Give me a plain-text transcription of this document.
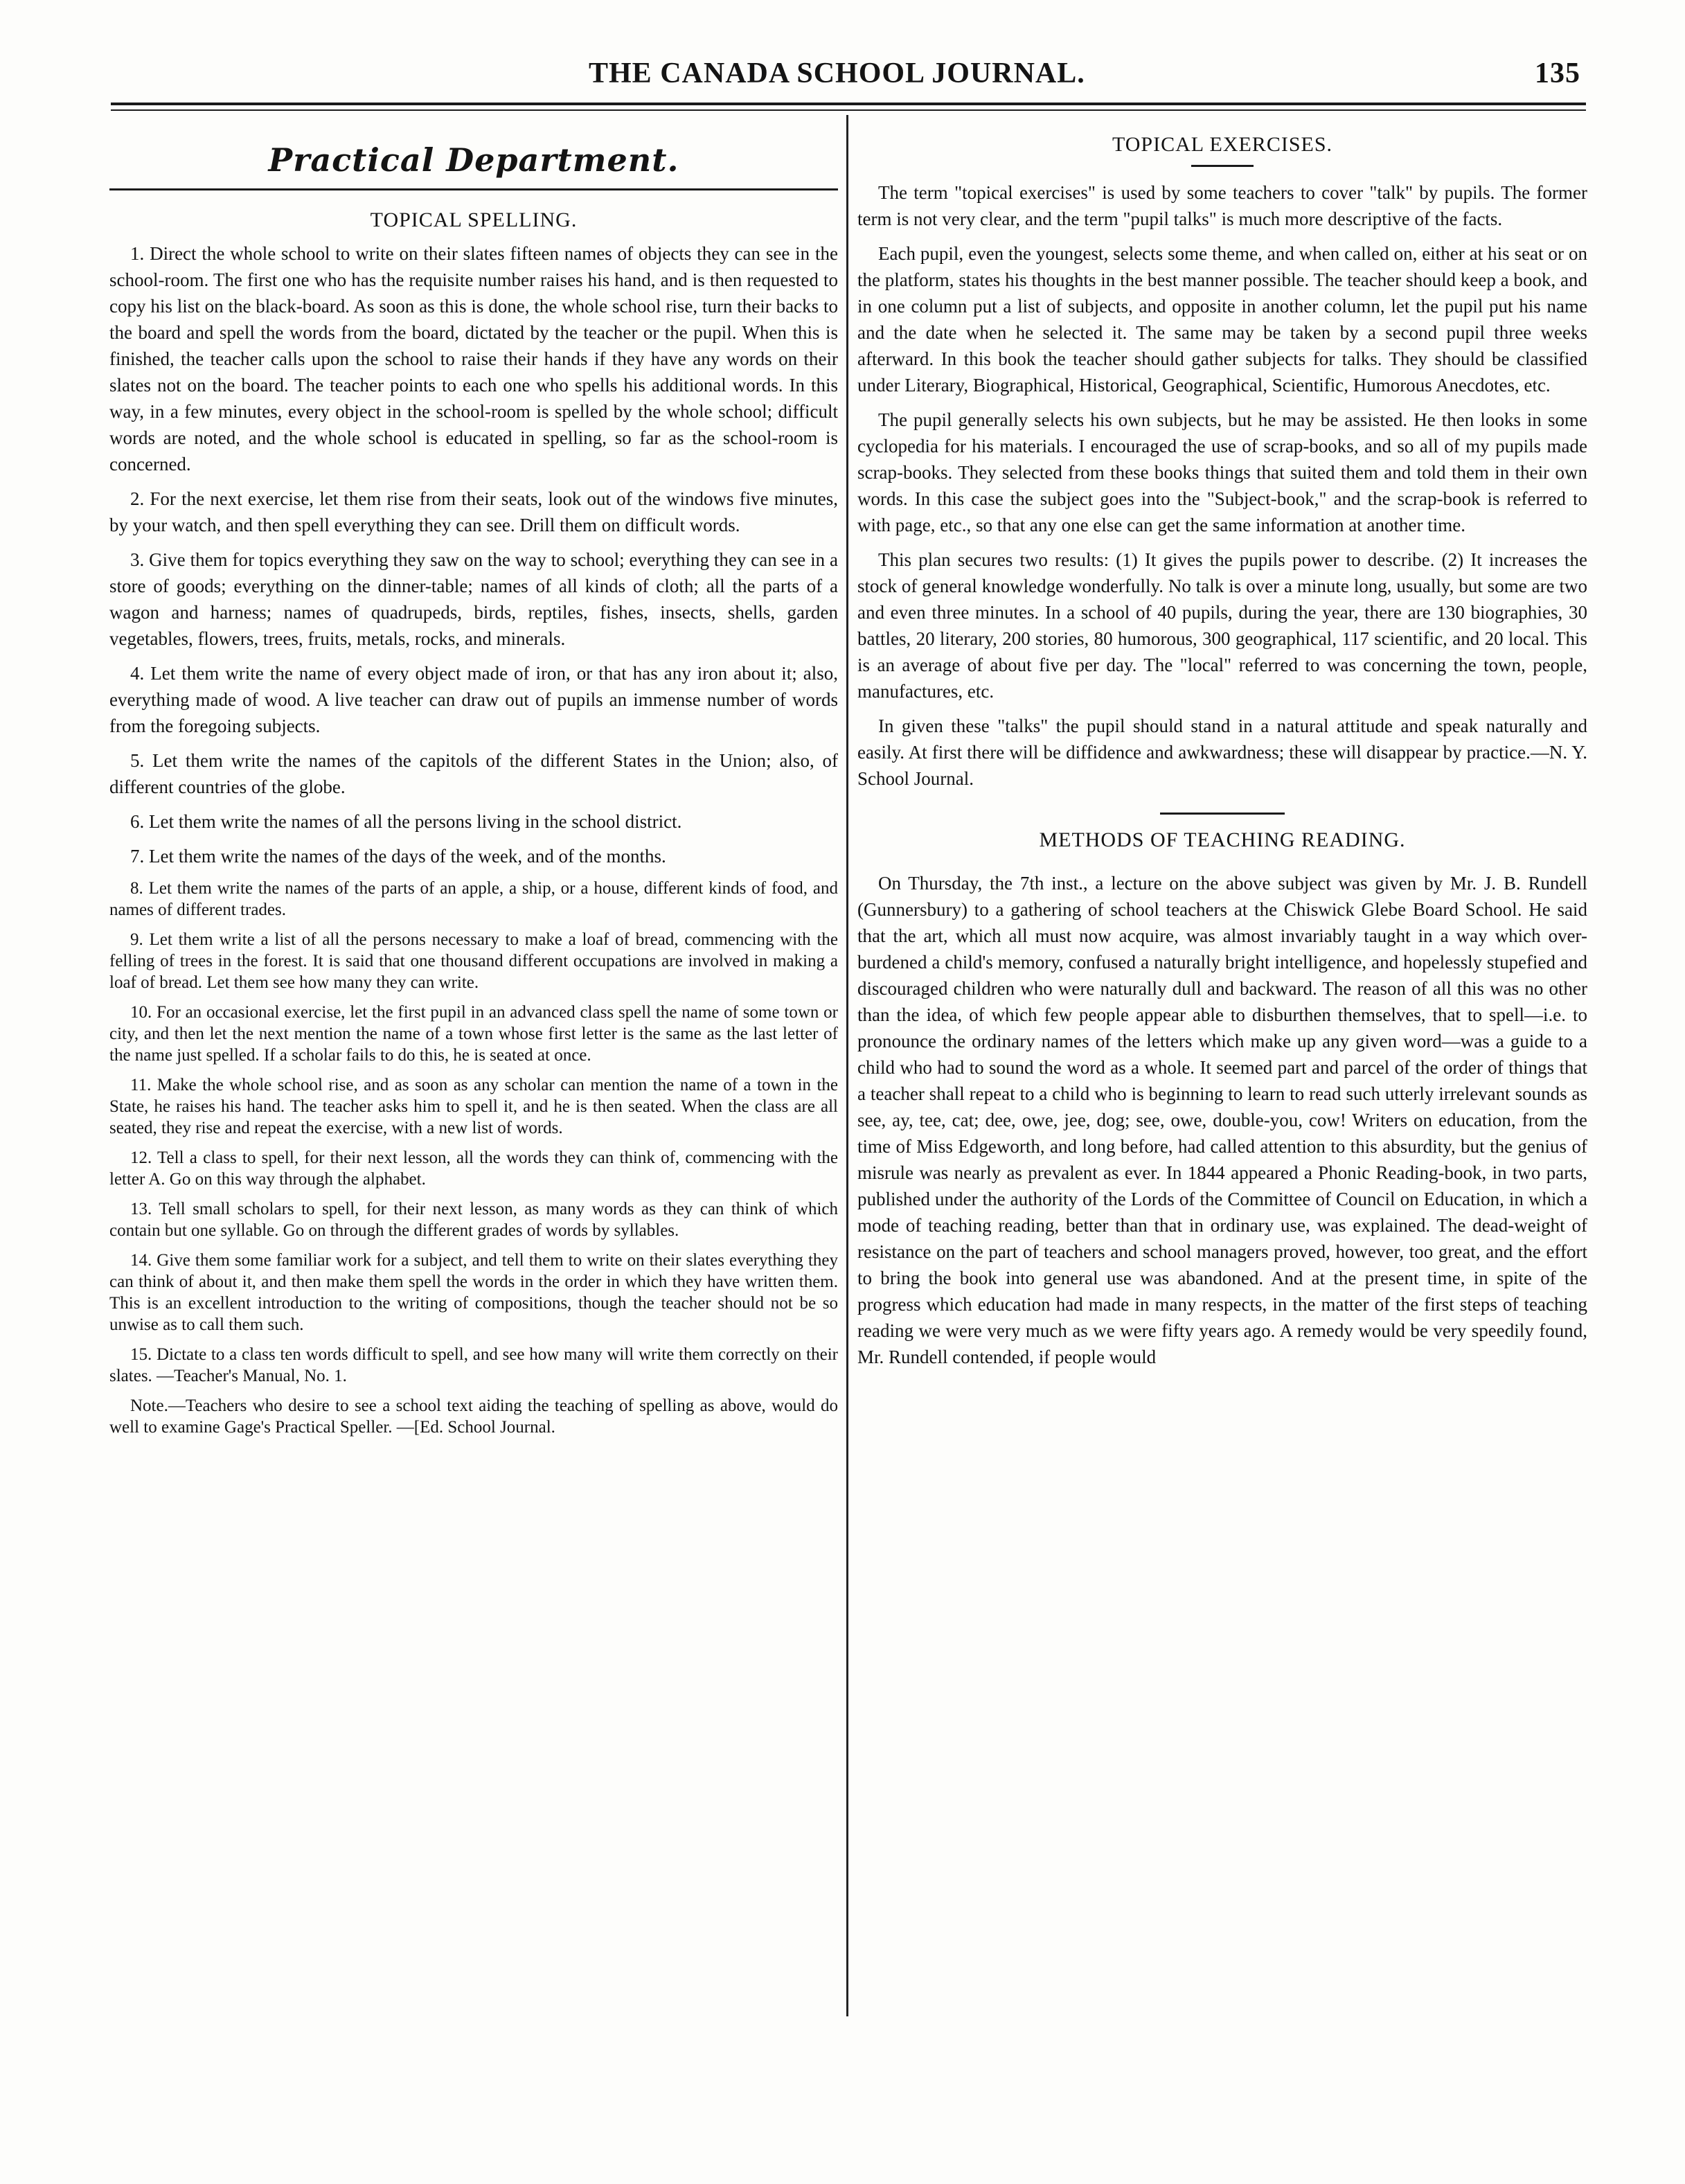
THE CANADA SCHOOL JOURNAL.	135
Practical Department.
TOPICAL SPELLING.

1. Direct the whole school to write on their slates fifteen names of objects they can see in the school-room. The first one who has the requisite number raises his hand, and is then requested to copy his list on the black-board. As soon as this is done, the whole school rise, turn their backs to the board and spell the words from the board, dictated by the teacher or the pupil. When this is finished, the teacher calls upon the school to raise their hands if they have any words on their slates not on the board. The teacher points to each one who spells his additional words. In this way, in a few minutes, every object in the school-room is spelled by the whole school; difficult words are noted, and the whole school is educated in spelling, so far as the school-room is concerned.

2. For the next exercise, let them rise from their seats, look out of the windows five minutes, by your watch, and then spell everything they can see. Drill them on difficult words.

3. Give them for topics everything they saw on the way to school; everything they can see in a store of goods; everything on the dinner-table; names of all kinds of cloth; all the parts of a wagon and harness; names of quadrupeds, birds, reptiles, fishes, insects, shells, garden vegetables, flowers, trees, fruits, metals, rocks, and minerals.

4. Let them write the name of every object made of iron, or that has any iron about it; also, everything made of wood. A live teacher can draw out of pupils an immense number of words from the foregoing subjects.

5. Let them write the names of the capitols of the different States in the Union; also, of different countries of the globe.

6. Let them write the names of all the persons living in the school district.

7. Let them write the names of the days of the week, and of the months.

8. Let them write the names of the parts of an apple, a ship, or a house, different kinds of food, and names of different trades.

9. Let them write a list of all the persons necessary to make a loaf of bread, commencing with the felling of trees in the forest. It is said that one thousand different occupations are involved in making a loaf of bread. Let them see how many they can write.

10. For an occasional exercise, let the first pupil in an advanced class spell the name of some town or city, and then let the next mention the name of a town whose first letter is the same as the last letter of the name just spelled. If a scholar fails to do this, he is seated at once.

11. Make the whole school rise, and as soon as any scholar can mention the name of a town in the State, he raises his hand. The teacher asks him to spell it, and he is then seated. When the class are all seated, they rise and repeat the exercise, with a new list of words.

12. Tell a class to spell, for their next lesson, all the words they can think of, commencing with the letter A. Go on this way through the alphabet.

13. Tell small scholars to spell, for their next lesson, as many words as they can think of which contain but one syllable. Go on through the different grades of words by syllables.

14. Give them some familiar work for a subject, and tell them to write on their slates everything they can think of about it, and then make them spell the words in the order in which they have written them. This is an excellent introduction to the writing of compositions, though the teacher should not be so unwise as to call them such.

15. Dictate to a class ten words difficult to spell, and see how many will write them correctly on their slates. —Teacher's Manual, No. 1.

Note.—Teachers who desire to see a school text aiding the teaching of spelling as above, would do well to examine Gage's Practical Speller. —[Ed. School Journal.

TOPICAL EXERCISES.

The term "topical exercises" is used by some teachers to cover "talk" by pupils. The former term is not very clear, and the term "pupil talks" is much more descriptive of the facts.

Each pupil, even the youngest, selects some theme, and when called on, either at his seat or on the platform, states his thoughts in the best manner possible. The teacher should keep a book, and in one column put a list of subjects, and opposite in another column, let the pupil put his name and the date when he selected it. The same may be taken by a second pupil three weeks afterward. In this book the teacher should gather subjects for talks. They should be classified under Literary, Biographical, Historical, Geographical, Scientific, Humorous Anecdotes, etc.

The pupil generally selects his own subjects, but he may be assisted. He then looks in some cyclopedia for his materials. I encouraged the use of scrap-books, and so all of my pupils made scrap-books. They selected from these books things that suited them and told them in their own words. In this case the subject goes into the "Subject-book," and the scrap-book is referred to with page, etc., so that any one else can get the same information at another time.

This plan secures two results: (1) It gives the pupils power to describe. (2) It increases the stock of general knowledge wonderfully. No talk is over a minute long, usually, but some are two and even three minutes. In a school of 40 pupils, during the year, there are 130 biographies, 30 battles, 20 literary, 200 stories, 80 humorous, 300 geographical, 117 scientific, and 20 local. This is an average of about five per day. The "local" referred to was concerning the town, people, manufactures, etc.

In given these "talks" the pupil should stand in a natural attitude and speak naturally and easily. At first there will be diffidence and awkwardness; these will disappear by practice.—N. Y. School Journal.

METHODS OF TEACHING READING.

On Thursday, the 7th inst., a lecture on the above subject was given by Mr. J. B. Rundell (Gunnersbury) to a gathering of school teachers at the Chiswick Glebe Board School. He said that the art, which all must now acquire, was almost invariably taught in a way which over-burdened a child's memory, confused a naturally bright intelligence, and hopelessly stupefied and discouraged children who were naturally dull and backward. The reason of all this was no other than the idea, of which few people appear able to disburthen themselves, that to spell—i.e. to pronounce the ordinary names of the letters which make up any given word—was a guide to a child who had to sound the word as a whole. It seemed part and parcel of the order of things that a teacher shall repeat to a child who is beginning to learn to read such utterly irrelevant sounds as see, ay, tee, cat; dee, owe, jee, dog; see, owe, double-you, cow! Writers on education, from the time of Miss Edgeworth, and long before, had called attention to this absurdity, but the genius of misrule was nearly as prevalent as ever. In 1844 appeared a Phonic Reading-book, in two parts, published under the authority of the Lords of the Committee of Council on Education, in which a mode of teaching reading, better than that in ordinary use, was explained. The dead-weight of resistance on the part of teachers and school managers proved, however, too great, and the effort to bring the book into general use was abandoned. And at the present time, in spite of the progress which education had made in many respects, in the matter of the first steps of teaching reading we were very much as we were fifty years ago. A remedy would be very speedily found, Mr. Rundell contended, if people would
